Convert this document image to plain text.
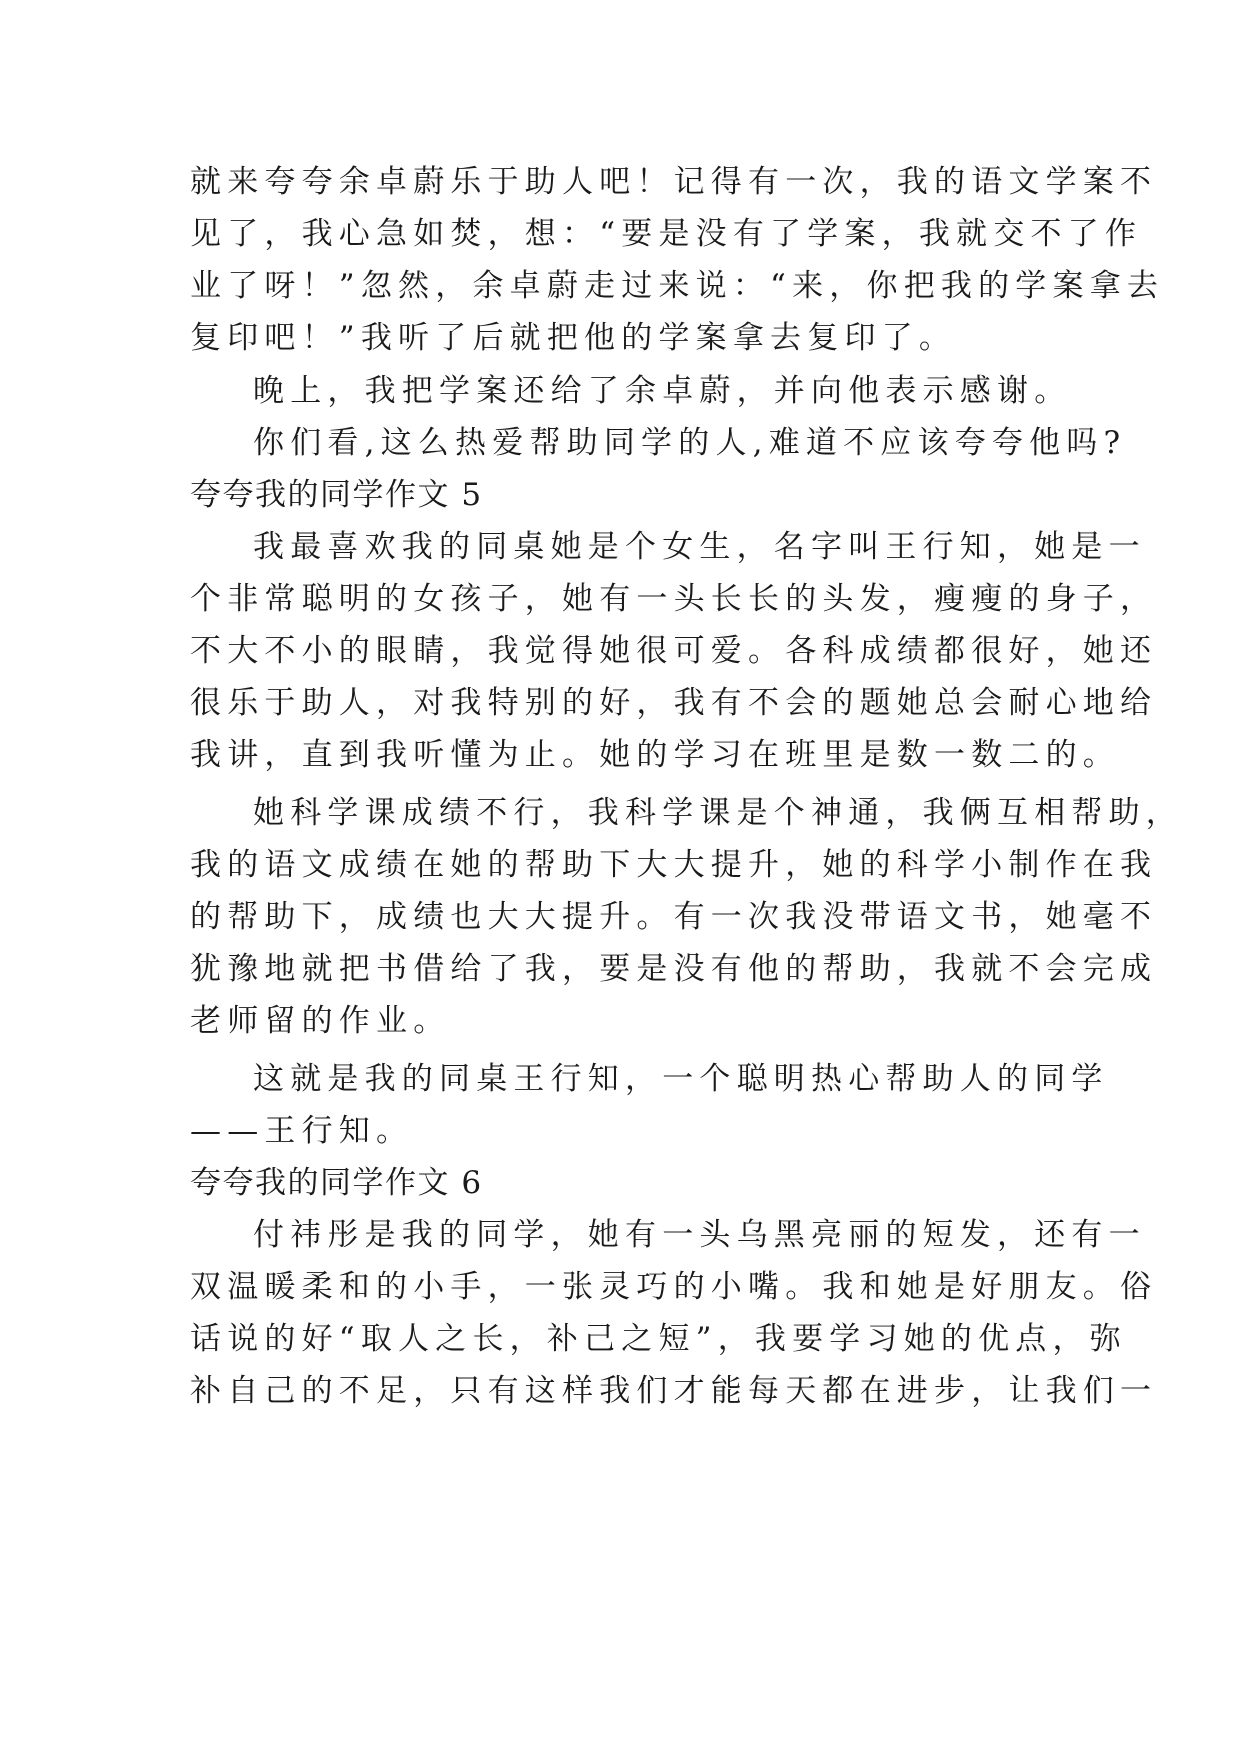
就来夸夸余卓蔚乐于助人吧！记得有一次，我的语文学案不
见了，我心急如焚，想：“要是没有了学案，我就交不了作
业了呀！”忽然，余卓蔚走过来说：“来，你把我的学案拿去
复印吧！”我听了后就把他的学案拿去复印了。
晚上，我把学案还给了余卓蔚，并向他表示感谢。
你们看,这么热爱帮助同学的人,难道不应该夸夸他吗?
夸夸我的同学作文 5
我最喜欢我的同桌她是个女生，名字叫王行知，她是一
个非常聪明的女孩子，她有一头长长的头发，瘦瘦的身子，
不大不小的眼睛，我觉得她很可爱。各科成绩都很好，她还
很乐于助人，对我特别的好，我有不会的题她总会耐心地给
我讲，直到我听懂为止。她的学习在班里是数一数二的。
她科学课成绩不行，我科学课是个神通，我俩互相帮助，
我的语文成绩在她的帮助下大大提升，她的科学小制作在我
的帮助下，成绩也大大提升。有一次我没带语文书，她毫不
犹豫地就把书借给了我，要是没有他的帮助，我就不会完成
老师留的作业。
这就是我的同桌王行知，一个聪明热心帮助人的同学
——王行知。
夸夸我的同学作文 6
付祎彤是我的同学，她有一头乌黑亮丽的短发，还有一
双温暖柔和的小手，一张灵巧的小嘴。我和她是好朋友。俗
话说的好“取人之长，补己之短”，我要学习她的优点，弥
补自己的不足，只有这样我们才能每天都在进步，让我们一
